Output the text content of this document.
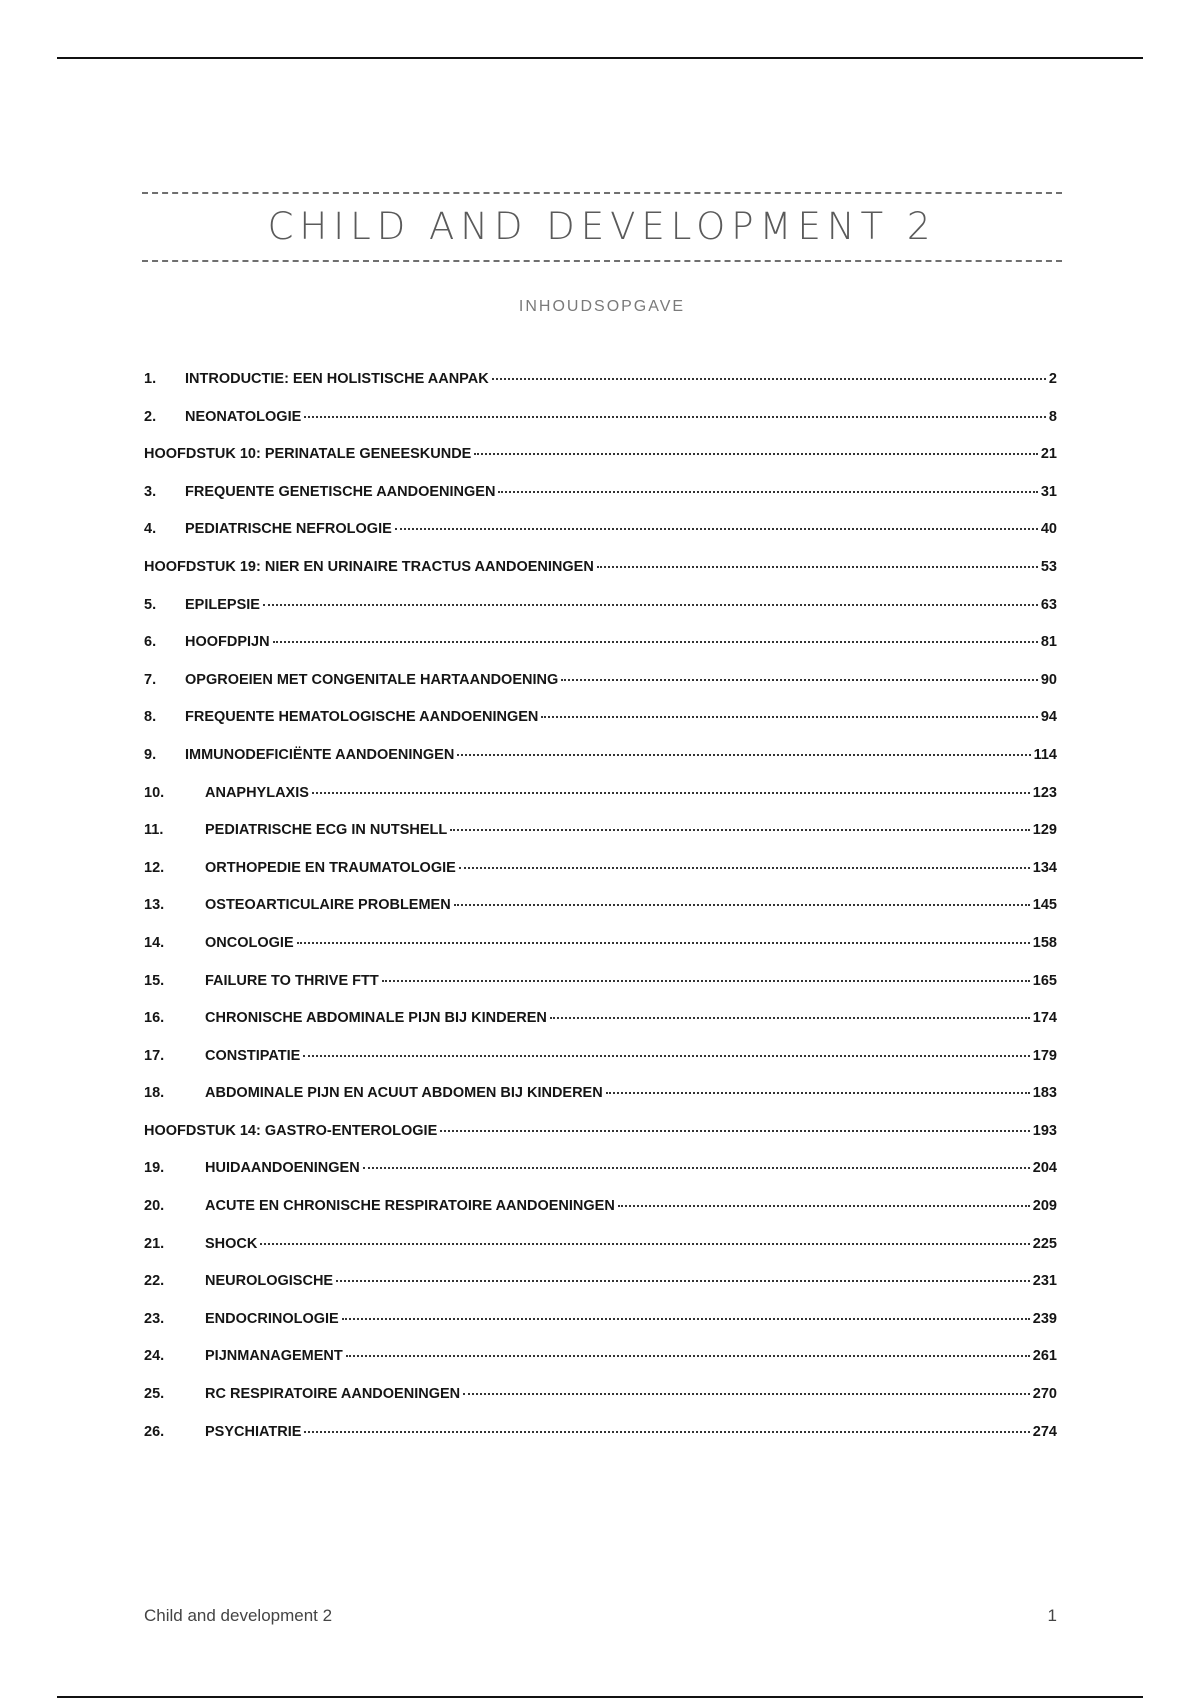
CHILD AND DEVELOPMENT 2
INHOUDSOPGAVE
1.	INTRODUCTIE: EEN HOLISTISCHE AANPAK	2
2.	NEONATOLOGIE	8
HOOFDSTUK 10: PERINATALE GENEESKUNDE	21
3.	FREQUENTE GENETISCHE AANDOENINGEN	31
4.	PEDIATRISCHE NEFROLOGIE	40
HOOFDSTUK 19: NIER EN URINAIRE TRACTUS AANDOENINGEN	53
5.	EPILEPSIE	63
6.	HOOFDPIJN	81
7.	OPGROEIEN MET CONGENITALE HARTAANDOENING	90
8.	FREQUENTE HEMATOLOGISCHE AANDOENINGEN	94
9.	IMMUNODEFICIËNTE AANDOENINGEN	114
10.	ANAPHYLAXIS	123
11.	PEDIATRISCHE ECG IN NUTSHELL	129
12.	ORTHOPEDIE EN TRAUMATOLOGIE	134
13.	OSTEOARTICULAIRE PROBLEMEN	145
14.	ONCOLOGIE	158
15.	FAILURE TO THRIVE FTT	165
16.	CHRONISCHE ABDOMINALE PIJN BIJ KINDEREN	174
17.	CONSTIPATIE	179
18.	ABDOMINALE PIJN EN ACUUT ABDOMEN BIJ KINDEREN	183
HOOFDSTUK 14: GASTRO-ENTEROLOGIE	193
19.	HUIDAANDOENINGEN	204
20.	ACUTE EN CHRONISCHE RESPIRATOIRE AANDOENINGEN	209
21.	SHOCK	225
22.	NEUROLOGISCHE	231
23.	ENDOCRINOLOGIE	239
24.	PIJNMANAGEMENT	261
25.	RC RESPIRATOIRE AANDOENINGEN	270
26.	PSYCHIATRIE	274
Child and development 2	1
